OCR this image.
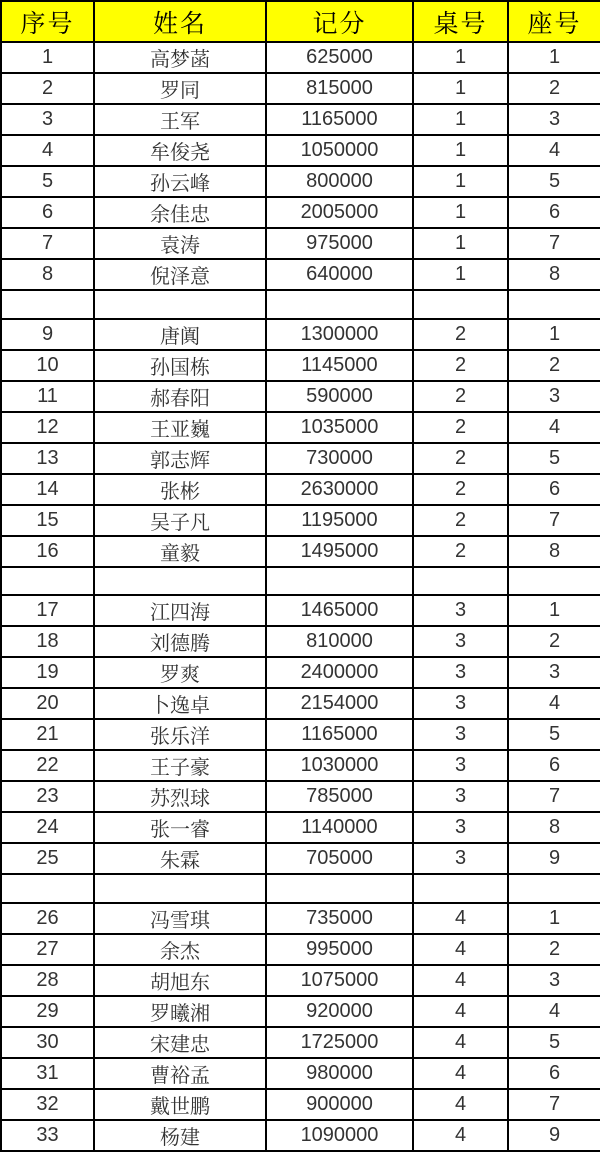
序号	姓名	记分	桌号	座号
1	高梦菡	625000	1	1
2	罗同	815000	1	2
3	王军	1165000	1	3
4	牟俊尧	1050000	1	4
5	孙云峰	800000	1	5
6	余佳忠	2005000	1	6
7	袁涛	975000	1	7
8	倪泽意	640000	1	8

9	唐阗	1300000	2	1
10	孙国栋	1145000	2	2
11	郝春阳	590000	2	3
12	王亚巍	1035000	2	4
13	郭志辉	730000	2	5
14	张彬	2630000	2	6
15	吴子凡	1195000	2	7
16	童毅	1495000	2	8

17	江四海	1465000	3	1
18	刘德腾	810000	3	2
19	罗爽	2400000	3	3
20	卜逸卓	2154000	3	4
21	张乐洋	1165000	3	5
22	王子豪	1030000	3	6
23	苏烈球	785000	3	7
24	张一睿	1140000	3	8
25	朱霖	705000	3	9

26	冯雪琪	735000	4	1
27	余杰	995000	4	2
28	胡旭东	1075000	4	3
29	罗曦湘	920000	4	4
30	宋建忠	1725000	4	5
31	曹裕孟	980000	4	6
32	戴世鹏	900000	4	7
33	杨建	1090000	4	9
